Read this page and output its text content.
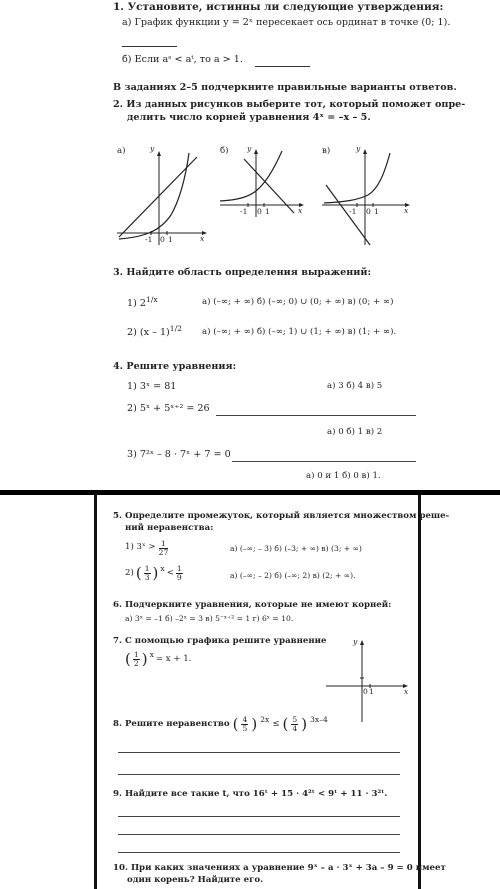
1. Установите, истинны ли следующие утверждения:
а) График функции y = 2ˣ пересекает ось ординат в точке (0; 1).
б) Если aˢ < aᵗ, то a > 1.
В заданиях 2–5 подчеркните правильные варианты ответов.
2. Из данных рисунков выберите тот, который поможет опре-
делить число корней уравнения 4ˣ = –x – 5.
а)	y
x
-1 0 1
б) y
x
-1 0 1
в)	y
x
-1 0 1
3. Найдите область определения выражений:
1) $2^{1/x}$	а) (–∞; + ∞) б) (–∞; 0) ∪ (0; + ∞) в) (0; + ∞)
2) (x – 1)$^{1/2}$ а) (–∞; + ∞) б) (–∞; 1) ∪ (1; + ∞) в) (1; + ∞).
4. Решите уравнения:
1) 3ˣ = 81	а) 3 б) 4 в) 5
2) 5ˣ + 5ˣ⁺² = 26
а) 0 б) 1 в) 2
3) 7²ˣ – 8 · 7ˣ + 7 = 0
а) 0 и 1 б) 0 в) 1.
5. Определите промежуток, который является множеством реше-
ний неравенства:
1) 3ˣ > $\frac{1}{27}$	а) (–∞; – 3) б) (–3; + ∞) в) (3; + ∞)
2) ( $\frac{1}{3}$ ) $x < \frac{1}{9}$	а) (–∞; – 2) б) (–∞; 2) в) (2; + ∞).
6. Подчеркните уравнения, которые не имеют корней:
а) 3ˣ = –1 б) –2ˣ = 3 в) 5⁻ˣ⁺² = 1 г) 6ˣ = 10.
7. С помощью графика решите уравнение
( $\frac{1}{2}$ ) x = x + 1.
y
x
0 1
8. Решите неравенство ( $\frac{4}{5}$ ) 2x ≤ ( $\frac{5}{4}$ ) 3x–4
9. Найдите все такие t, что 16ᵗ + 15 · 4²ᵗ < 9ᵗ + 11 · 3²ᵗ.
10. При каких значениях a уравнение 9ˣ – a · 3ˣ + 3a – 9 = 0 имеет
один корень? Найдите его.
